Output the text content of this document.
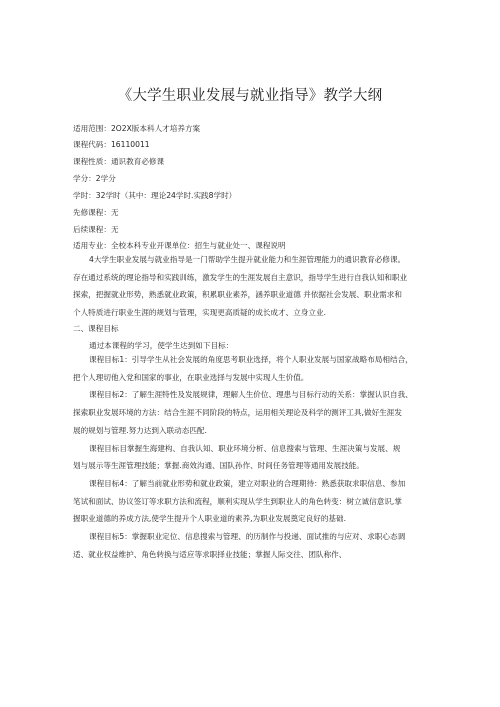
《大学生职业发展与就业指导》教学大纲
适用范围：2O2X版本科人才培养方案
课程代码：16110011
课程性质：通识教育必修课
学分：2学分
学时：32学时（其中：理论24学时.实践8学时）
先修课程：无
后续课程：无
适用专业：全校本科专业开课单位：招生与就业处一、课程说明
4大学生职业发展与就业指导是一门帮助学生提升就业能力和生涯管理能力的通识教育必修课。
存在通过系统的理论指导和实践训练，激发学生的生涯发展自主意识，指导学生进行自我认知和职业
探索，把握就业形势，熟悉就业政策，积累职业素养，涵养职业道德 并依据社会发展、职业需求和
个人特质进行职业生涯的规划与管理，实现更高质疑的成长成才、立身立业.
二、课程目标
通过本课程的学习，使学生达到如下目标：
课程目标1：引导学生从社会发展的角度思考职业选择，将个人职业发展与国家战略布局相结合，
把个人理切他入党和国家的事业，在职业选择与发展中实现人生价值。
课程目标2：了解生涯特性及发展规律，理解人生价位、理患与目标行动的关系：掌握认识自我、
探索职业发展环境的方法：结合生涯不同阶段的特点，运用相关理论及科学的测评工具,做好生涯发
展的规划与管理.努力达到入联动态匹配.
课程目标目掌握生海建构、自我认知、职业环境分析、信息搜索与管理、生涯决策与发展、规
划与展示等生涯管理技能；掌握.商效沟通、国队孙作、时间任务管理等通用发展技能。
课程目标4：了解当前就业形势和就业政策，建立对职业的合理期待：熟悉获取求职信息、参加
笔试和面试、协议签订等求职方法和流程，顺利实现从学生到职业人的角色转变：树立诚信意识,掌
握职业道德的养成方法,使学生提升个人职业道的素养,为职业发展奠定良好的基础.
课程目标5：掌握职业定位、信息搜索与管理、的历制作与投递、面试推的与应对、求职心态调
适、就业权益维护、角色转换与适应等求职择业技能；掌握人际交往、团队称作、
